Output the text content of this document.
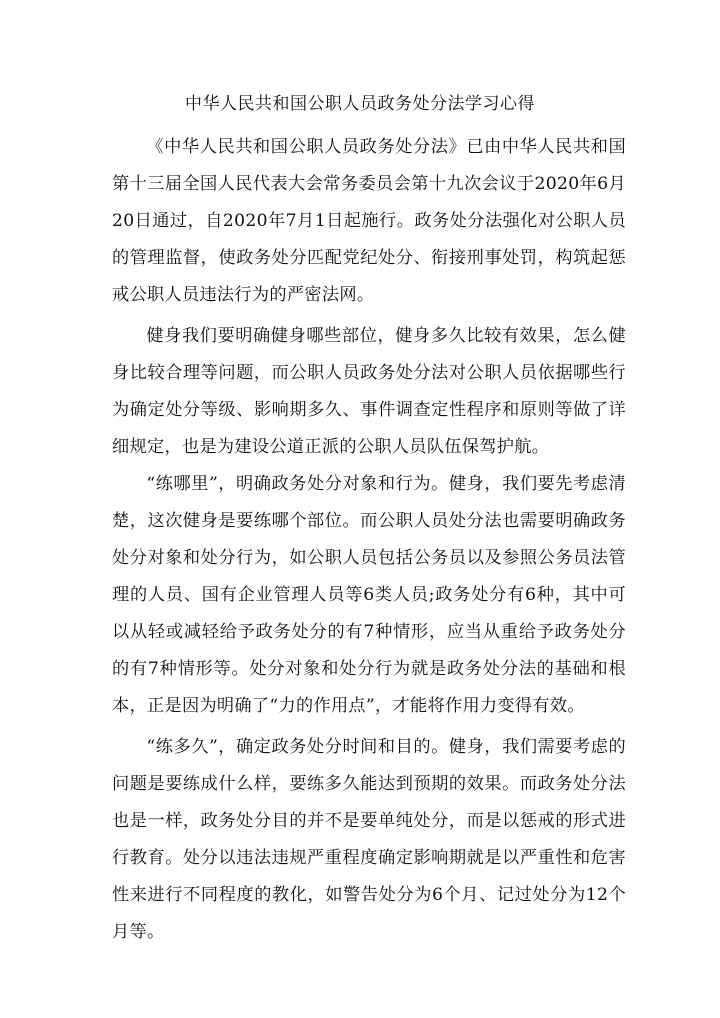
中华人民共和国公职人员政务处分法学习心得

《中华人民共和国公职人员政务处分法》已由中华人民共和国第十三届全国人民代表大会常务委员会第十九次会议于2020年6月20日通过，自2020年7月1日起施行。政务处分法强化对公职人员的管理监督，使政务处分匹配党纪处分、衔接刑事处罚，构筑起惩戒公职人员违法行为的严密法网。

健身我们要明确健身哪些部位，健身多久比较有效果，怎么健身比较合理等问题，而公职人员政务处分法对公职人员依据哪些行为确定处分等级、影响期多久、事件调查定性程序和原则等做了详细规定，也是为建设公道正派的公职人员队伍保驾护航。

“练哪里”，明确政务处分对象和行为。健身，我们要先考虑清楚，这次健身是要练哪个部位。而公职人员处分法也需要明确政务处分对象和处分行为，如公职人员包括公务员以及参照公务员法管理的人员、国有企业管理人员等6类人员;政务处分有6种，其中可以从轻或减轻给予政务处分的有7种情形，应当从重给予政务处分的有7种情形等。处分对象和处分行为就是政务处分法的基础和根本，正是因为明确了“力的作用点”，才能将作用力变得有效。

“练多久”，确定政务处分时间和目的。健身，我们需要考虑的问题是要练成什么样，要练多久能达到预期的效果。而政务处分法也是一样，政务处分目的并不是要单纯处分，而是以惩戒的形式进行教育。处分以违法违规严重程度确定影响期就是以严重性和危害性来进行不同程度的教化，如警告处分为6个月、记过处分为12个月等。
